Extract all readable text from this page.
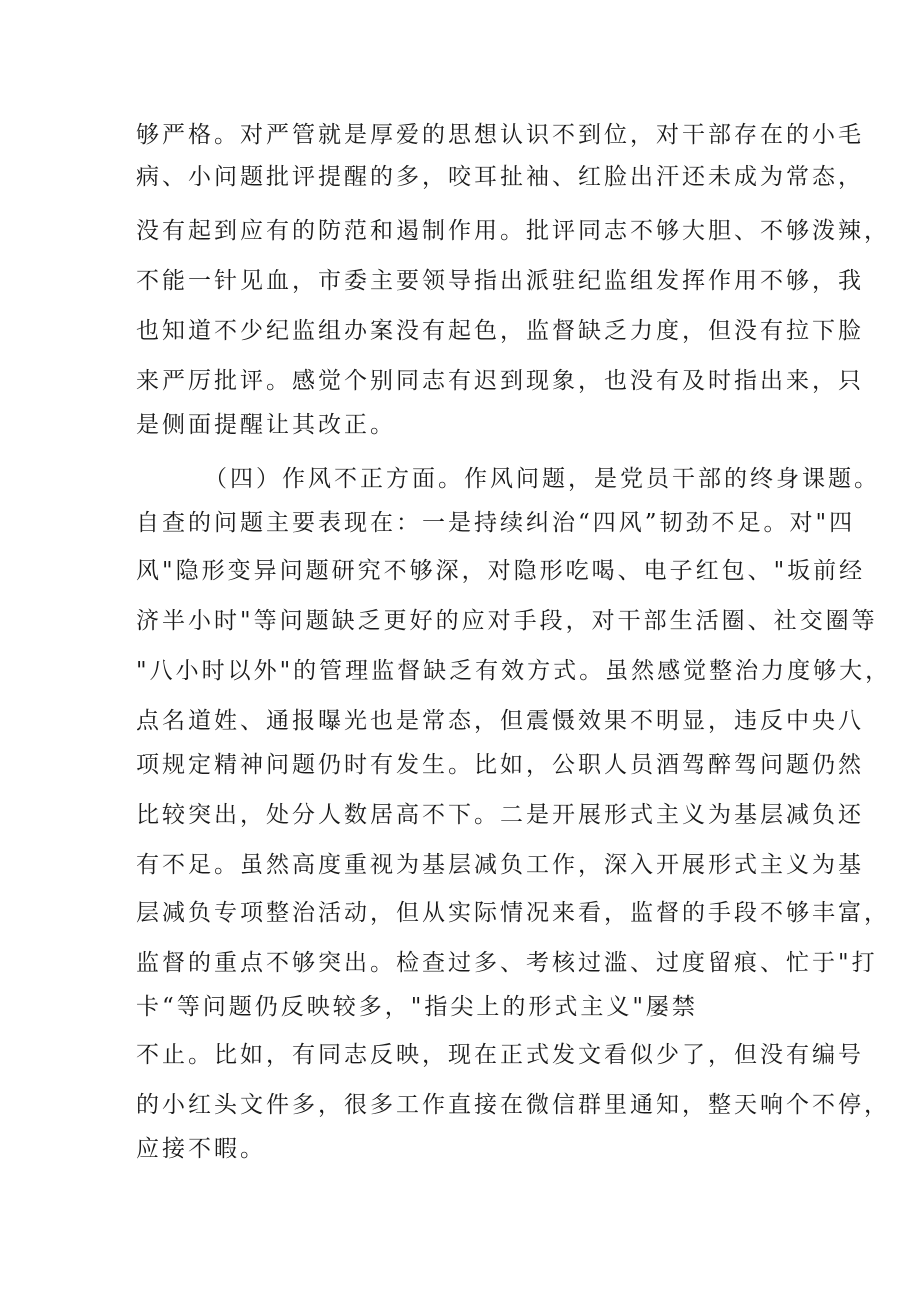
够严格。对严管就是厚爱的思想认识不到位，对干部存在的小毛
病、小问题批评提醒的多，咬耳扯袖、红脸出汗还未成为常态，
没有起到应有的防范和遏制作用。批评同志不够大胆、不够泼辣，
不能一针见血，市委主要领导指出派驻纪监组发挥作用不够，我
也知道不少纪监组办案没有起色，监督缺乏力度，但没有拉下脸
来严厉批评。感觉个别同志有迟到现象，也没有及时指出来，只
是侧面提醒让其改正。
（四）作风不正方面。作风问题，是党员干部的终身课题。
自查的问题主要表现在：一是持续纠治“四风”韧劲不足。对"四
风"隐形变异问题研究不够深，对隐形吃喝、电子红包、"坂前经
济半小时"等问题缺乏更好的应对手段，对干部生活圈、社交圈等
"八小时以外"的管理监督缺乏有效方式。虽然感觉整治力度够大，
点名道姓、通报曝光也是常态，但震慑效果不明显，违反中央八
项规定精神问题仍时有发生。比如，公职人员酒驾醉驾问题仍然
比较突出，处分人数居高不下。二是开展形式主义为基层减负还
有不足。虽然高度重视为基层减负工作，深入开展形式主义为基
层减负专项整治活动，但从实际情况来看，监督的手段不够丰富，
监督的重点不够突出。检查过多、考核过滥、过度留痕、忙于"打
卡“等问题仍反映较多，"指尖上的形式主义"屡禁
不止。比如，有同志反映，现在正式发文看似少了，但没有编号
的小红头文件多，很多工作直接在微信群里通知，整天响个不停，
应接不暇。
